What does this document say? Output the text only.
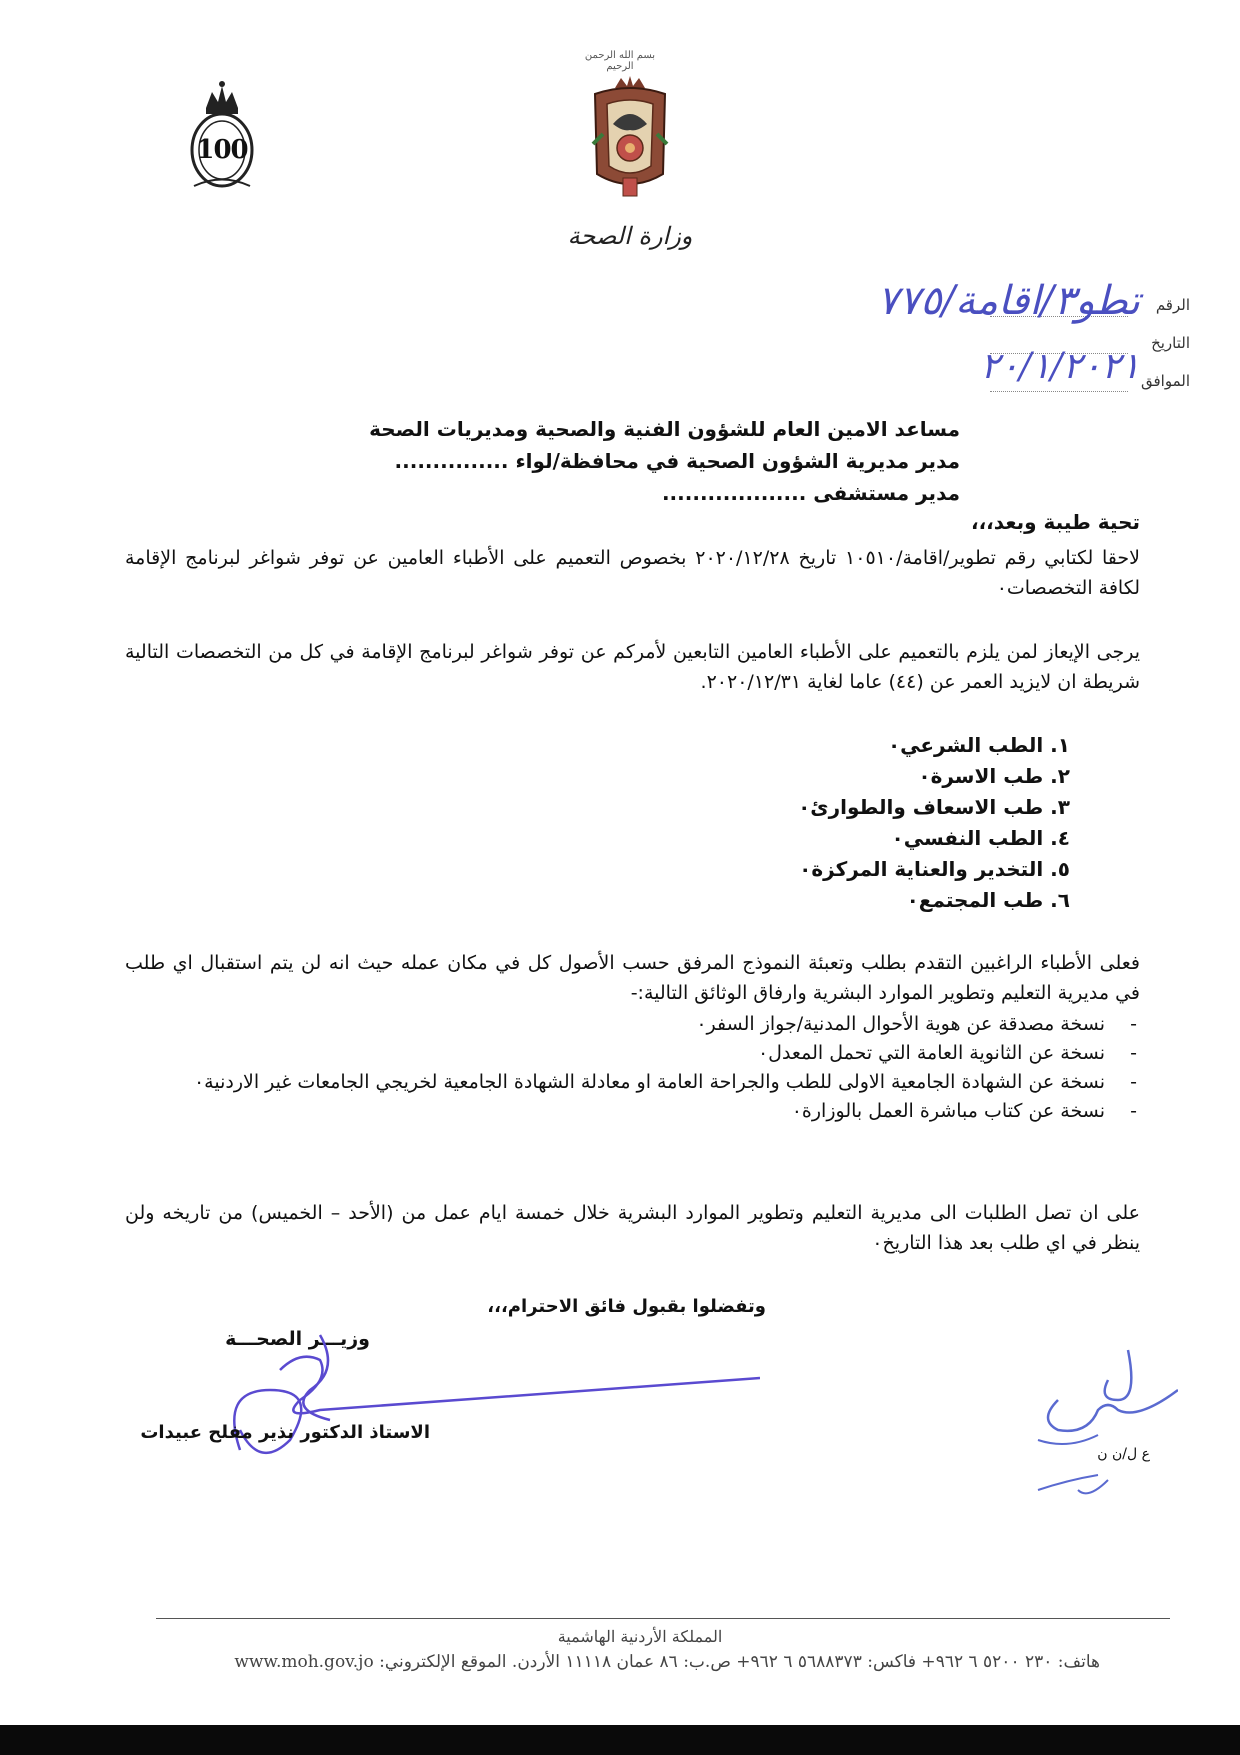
100
بسم الله الرحمن الرحيم
وزارة الصحة
الرقم
تطو٣/اقامة/٧٧٥
التاريخ
الموافق
٢٠/١/٢٠٢١
مساعد الامين العام للشؤون الفنية والصحية ومديريات الصحة
مدير مديرية الشؤون الصحية في محافظة/لواء ...............
مدير مستشفى ...................
تحية طيبة وبعد،،،
لاحقا لكتابي رقم تطوير/اقامة/١٠٥١٠ تاريخ ٢٠٢٠/١٢/٢٨ بخصوص التعميم على الأطباء العامين عن توفر شواغر لبرنامج الإقامة لكافة التخصصات٠
يرجى الإيعاز لمن يلزم بالتعميم على الأطباء العامين التابعين لأمركم عن توفر شواغر لبرنامج الإقامة في كل من التخصصات التالية شريطة ان لايزيد العمر عن (٤٤) عاما لغاية ٢٠٢٠/١٢/٣١.
١. الطب الشرعي٠
٢. طب الاسرة٠
٣. طب الاسعاف والطوارئ٠
٤. الطب النفسي٠
٥. التخدير والعناية المركزة٠
٦. طب المجتمع٠
فعلى الأطباء الراغبين التقدم بطلب وتعبئة النموذج المرفق حسب الأصول كل في مكان عمله حيث انه لن يتم استقبال اي طلب في مديرية التعليم وتطوير الموارد البشرية وارفاق الوثائق التالية:-
-
نسخة مصدقة عن هوية الأحوال المدنية/جواز السفر٠
-
نسخة عن الثانوية العامة التي تحمل المعدل٠
-
نسخة عن الشهادة الجامعية الاولى للطب والجراحة العامة او معادلة الشهادة الجامعية لخريجي الجامعات غير الاردنية٠
-
نسخة عن كتاب مباشرة العمل بالوزارة٠
على ان تصل الطلبات الى مديرية التعليم وتطوير الموارد البشرية خلال خمسة ايام عمل من (الأحد – الخميس) من تاريخه ولن ينظر في اي طلب بعد هذا التاريخ٠
وتفضلوا بقبول فائق الاحترام،،،
وزيـــر الصحـــة
الاستاذ الدكتور نذير مفلح عبيدات
ع ل/ن ن
المملكة الأردنية الهاشمية
هاتف: ٢٣٠ ٥٢٠٠ ٦ ٩٦٢+ فاكس: ٥٦٨٨٣٧٣ ٦ ٩٦٢+ ص.ب: ٨٦ عمان ١١١١٨ الأردن. الموقع الإلكتروني: www.moh.gov.jo
